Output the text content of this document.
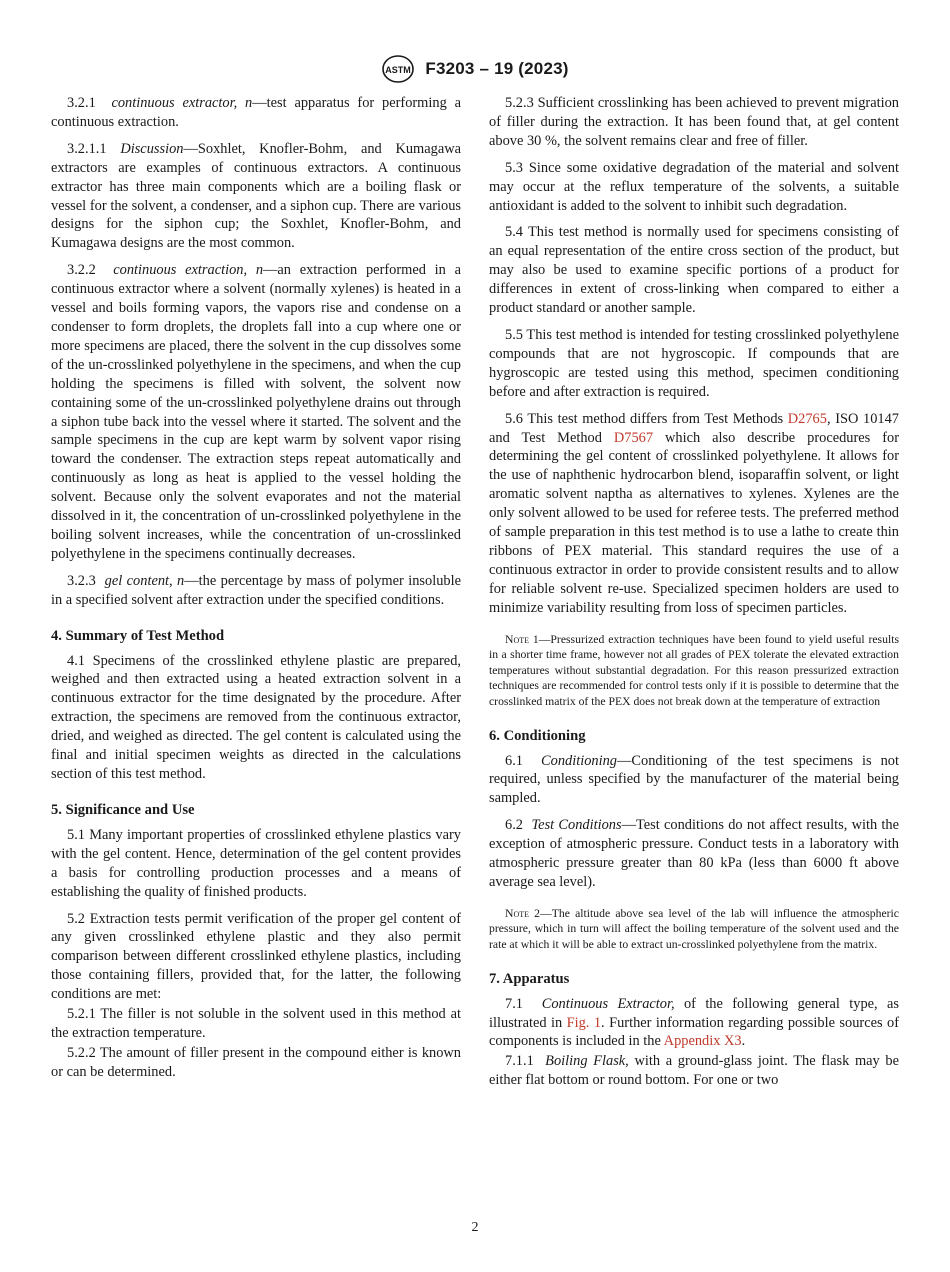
ASTM F3203 – 19 (2023)

3.2.1 continuous extractor, n—test apparatus for performing a continuous extraction.

3.2.1.1 Discussion—Soxhlet, Knofler-Bohm, and Kumagawa extractors are examples of continuous extractors. A continuous extractor has three main components which are a boiling flask or vessel for the solvent, a condenser, and a siphon cup. There are various designs for the siphon cup; the Soxhlet, Knofler-Bohm, and Kumagawa designs are the most common.

3.2.2 continuous extraction, n—an extraction performed in a continuous extractor where a solvent (normally xylenes) is heated in a vessel and boils forming vapors, the vapors rise and condense on a condenser to form droplets, the droplets fall into a cup where one or more specimens are placed, there the solvent in the cup dissolves some of the un-crosslinked polyethylene in the specimens, and when the cup holding the specimens is filled with solvent, the solvent now containing some of the un-crosslinked polyethylene drains out through a siphon tube back into the vessel where it started. The solvent and the sample specimens in the cup are kept warm by solvent vapor rising toward the condenser. The extraction steps repeat automatically and continuously as long as heat is applied to the vessel holding the solvent. Because only the solvent evaporates and not the material dissolved in it, the concentration of un-crosslinked polyethylene in the boiling solvent increases, while the concentration of un-crosslinked polyethylene in the specimens continually decreases.

3.2.3 gel content, n—the percentage by mass of polymer insoluble in a specified solvent after extraction under the specified conditions.

4. Summary of Test Method

4.1 Specimens of the crosslinked ethylene plastic are prepared, weighed and then extracted using a heated extraction solvent in a continuous extractor for the time designated by the procedure. After extraction, the specimens are removed from the continuous extractor, dried, and weighed as directed. The gel content is calculated using the final and initial specimen weights as directed in the calculations section of this test method.

5. Significance and Use

5.1 Many important properties of crosslinked ethylene plastics vary with the gel content. Hence, determination of the gel content provides a basis for controlling production processes and a means of establishing the quality of finished products.

5.2 Extraction tests permit verification of the proper gel content of any given crosslinked ethylene plastic and they also permit comparison between different crosslinked ethylene plastics, including those containing fillers, provided that, for the latter, the following conditions are met:

5.2.1 The filler is not soluble in the solvent used in this method at the extraction temperature.

5.2.2 The amount of filler present in the compound either is known or can be determined.

5.2.3 Sufficient crosslinking has been achieved to prevent migration of filler during the extraction. It has been found that, at gel content above 30 %, the solvent remains clear and free of filler.

5.3 Since some oxidative degradation of the material and solvent may occur at the reflux temperature of the solvents, a suitable antioxidant is added to the solvent to inhibit such degradation.

5.4 This test method is normally used for specimens consisting of an equal representation of the entire cross section of the product, but may also be used to examine specific portions of a product for differences in extent of cross-linking when compared to either a product standard or another sample.

5.5 This test method is intended for testing crosslinked polyethylene compounds that are not hygroscopic. If compounds that are hygroscopic are tested using this method, specimen conditioning before and after extraction is required.

5.6 This test method differs from Test Methods D2765, ISO 10147 and Test Method D7567 which also describe procedures for determining the gel content of crosslinked polyethylene. It allows for the use of naphthenic hydrocarbon blend, isoparaffin solvent, or light aromatic solvent naptha as alternatives to xylenes. Xylenes are the only solvent allowed to be used for referee tests. The preferred method of sample preparation in this test method is to use a lathe to create thin ribbons of PEX material. This standard requires the use of a continuous extractor in order to provide consistent results and to allow for reliable solvent re-use. Specialized specimen holders are used to minimize variability resulting from loss of specimen particles.

Note 1—Pressurized extraction techniques have been found to yield useful results in a shorter time frame, however not all grades of PEX tolerate the elevated extraction temperatures without substantial degradation. For this reason pressurized extraction techniques are recommended for control tests only if it is possible to determine that the crosslinked matrix of the PEX does not break down at the temperature of extraction
6. Conditioning

6.1 Conditioning—Conditioning of the test specimens is not required, unless specified by the manufacturer of the material being sampled.

6.2 Test Conditions—Test conditions do not affect results, with the exception of atmospheric pressure. Conduct tests in a laboratory with atmospheric pressure greater than 80 kPa (less than 6000 ft above average sea level).

Note 2—The altitude above sea level of the lab will influence the atmospheric pressure, which in turn will affect the boiling temperature of the solvent used and the rate at which it will be able to extract un-crosslinked polyethylene from the matrix.
7. Apparatus

7.1 Continuous Extractor, of the following general type, as illustrated in Fig. 1. Further information regarding possible sources of components is included in the Appendix X3.

7.1.1 Boiling Flask, with a ground-glass joint. The flask may be either flat bottom or round bottom. For one or two

2
